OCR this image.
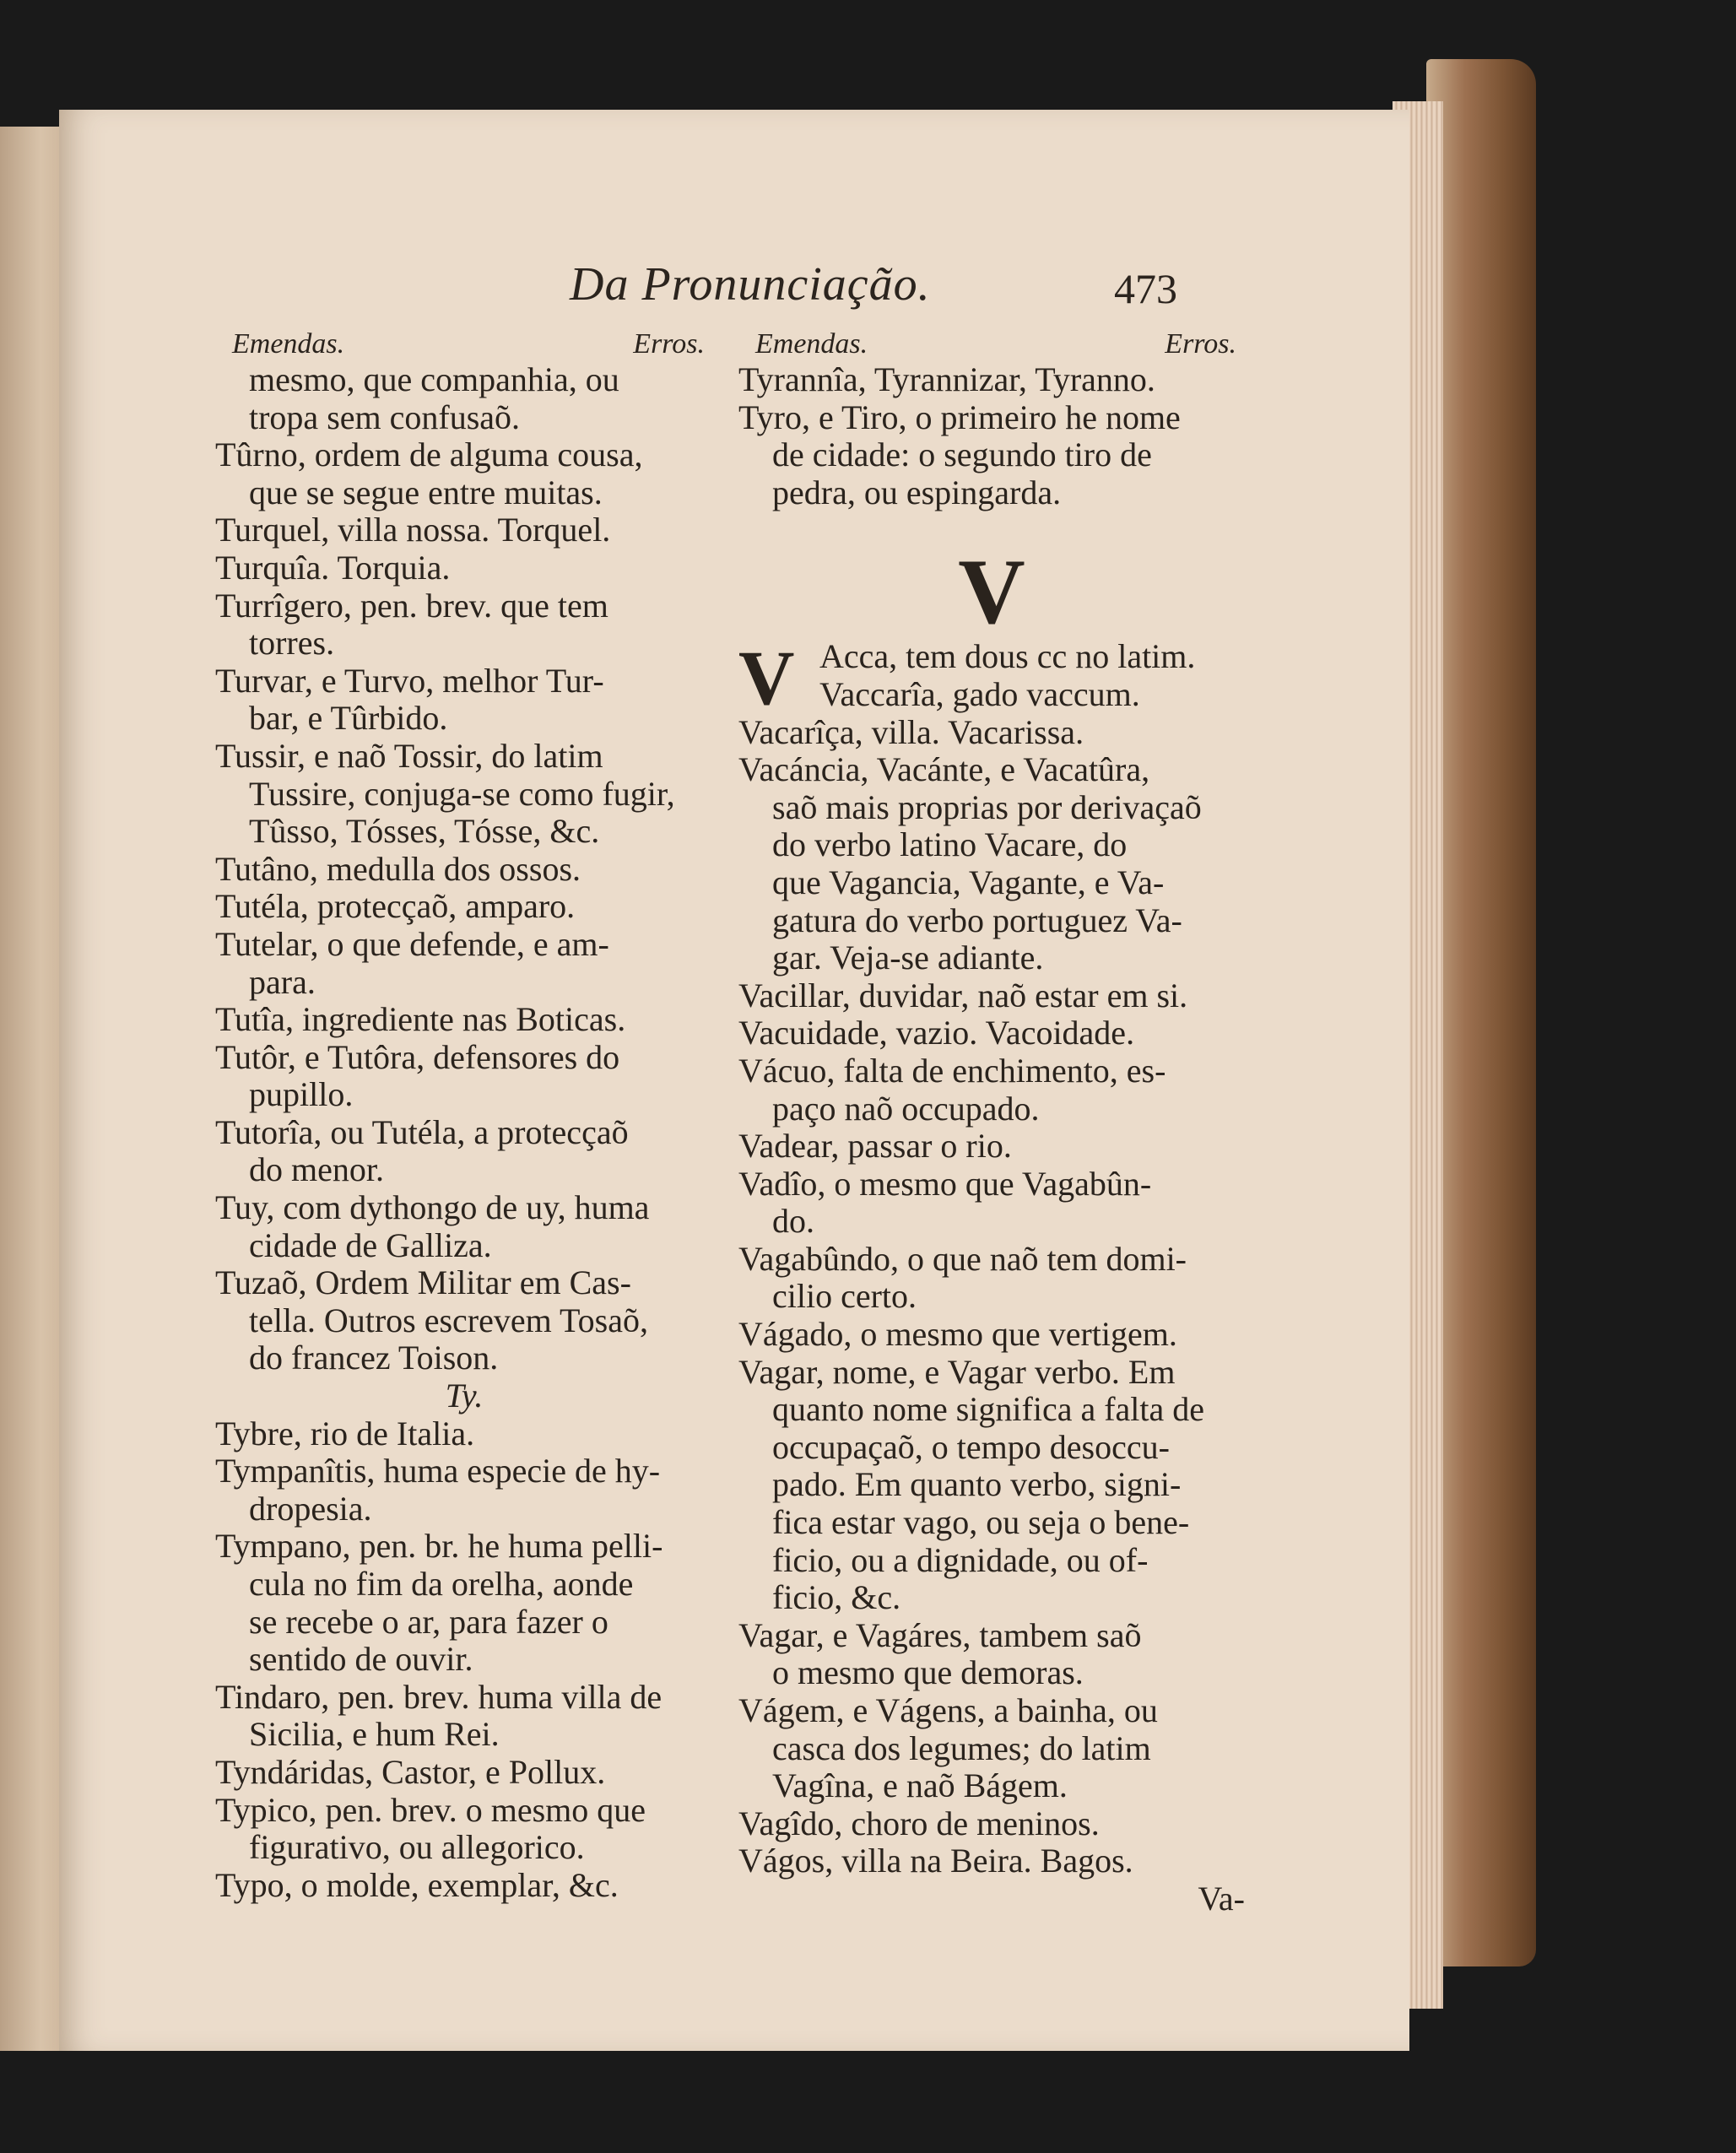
Da Pronunciação.	473
Emendas.	Erros.
mesmo, que companhia, ou
tropa sem confusaõ.
Tûrno, ordem de alguma cousa,
que se segue entre muitas.
Turquel, villa nossa. Torquel.
Turquîa. Torquia.
Turrîgero, pen. brev. que tem
torres.
Turvar, e Turvo, melhor Tur-
bar, e Tûrbido.
Tussir, e naõ Tossir, do latim
Tussire, conjuga-se como fugir,
Tûsso, Tósses, Tósse, &c.
Tutâno, medulla dos ossos.
Tutéla, protecçaõ, amparo.
Tutelar, o que defende, e am-
para.
Tutîa, ingrediente nas Boticas.
Tutôr, e Tutôra, defensores do
pupillo.
Tutorîa, ou Tutéla, a protecçaõ
do menor.
Tuy, com dythongo de uy, huma
cidade de Galliza.
Tuzaõ, Ordem Militar em Cas-
tella. Outros escrevem Tosaõ,
do francez Toison.
Ty.
Tybre, rio de Italia.
Tympanîtis, huma especie de hy-
dropesia.
Tympano, pen. br. he huma pelli-
cula no fim da orelha, aonde
se recebe o ar, para fazer o
sentido de ouvir.
Tindaro, pen. brev. huma villa de
Sicilia, e hum Rei.
Tyndáridas, Castor, e Pollux.
Typico, pen. brev. o mesmo que
figurativo, ou allegorico.
Typo, o molde, exemplar, &c.
Emendas.	Erros.
Tyrannîa, Tyrannizar, Tyranno.
Tyro, e Tiro, o primeiro he nome
de cidade: o segundo tiro de
pedra, ou espingarda.
V
V Acca, tem dous cc no latim.
Vaccarîa, gado vaccum.
Vacarîça, villa. Vacarissa.
Vacáncia, Vacánte, e Vacatûra,
saõ mais proprias por derivaçaõ
do verbo latino Vacare, do
que Vagancia, Vagante, e Va-
gatura do verbo portuguez Va-
gar. Veja-se adiante.
Vacillar, duvidar, naõ estar em si.
Vacuidade, vazio. Vacoidade.
Vácuo, falta de enchimento, es-
paço naõ occupado.
Vadear, passar o rio.
Vadîo, o mesmo que Vagabûn-
do.
Vagabûndo, o que naõ tem domi-
cilio certo.
Vágado, o mesmo que vertigem.
Vagar, nome, e Vagar verbo. Em
quanto nome significa a falta de
occupaçaõ, o tempo desoccu-
pado. Em quanto verbo, signi-
fica estar vago, ou seja o bene-
ficio, ou a dignidade, ou of-
ficio, &c.
Vagar, e Vagáres, tambem saõ
o mesmo que demoras.
Vágem, e Vágens, a bainha, ou
casca dos legumes; do latim
Vagîna, e naõ Bágem.
Vagîdo, choro de meninos.
Vágos, villa na Beira. Bagos.
Va-
